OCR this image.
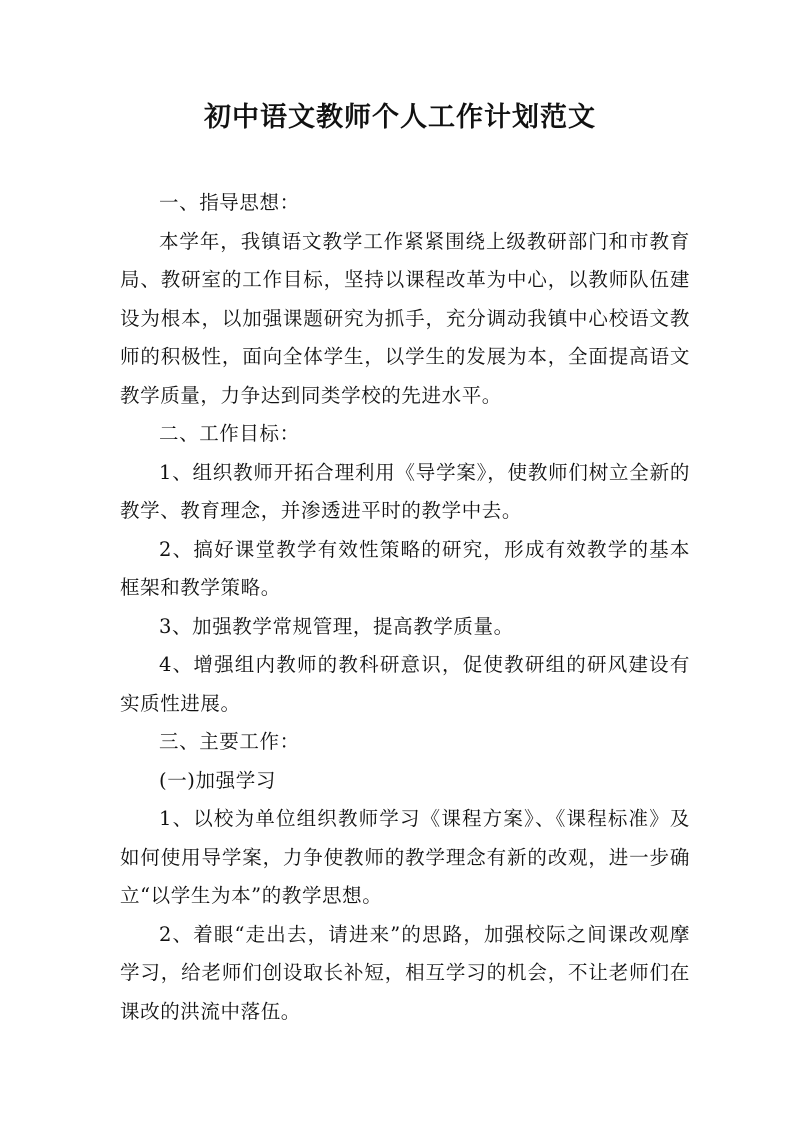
初中语文教师个人工作计划范文

一、指导思想：

本学年，我镇语文教学工作紧紧围绕上级教研部门和市教育局、教研室的工作目标，坚持以课程改革为中心，以教师队伍建设为根本，以加强课题研究为抓手，充分调动我镇中心校语文教师的积极性，面向全体学生，以学生的发展为本，全面提高语文教学质量，力争达到同类学校的先进水平。

二、工作目标：

1、组织教师开拓合理利用《导学案》，使教师们树立全新的教学、教育理念，并渗透进平时的教学中去。

2、搞好课堂教学有效性策略的研究，形成有效教学的基本框架和教学策略。

3、加强教学常规管理，提高教学质量。

4、增强组内教师的教科研意识，促使教研组的研风建设有实质性进展。

三、主要工作：

(一)加强学习

1、以校为单位组织教师学习《课程方案》、《课程标准》及如何使用导学案，力争使教师的教学理念有新的改观，进一步确立“以学生为本”的教学思想。

2、着眼“走出去，请进来”的思路，加强校际之间课改观摩学习，给老师们创设取长补短，相互学习的机会，不让老师们在课改的洪流中落伍。
